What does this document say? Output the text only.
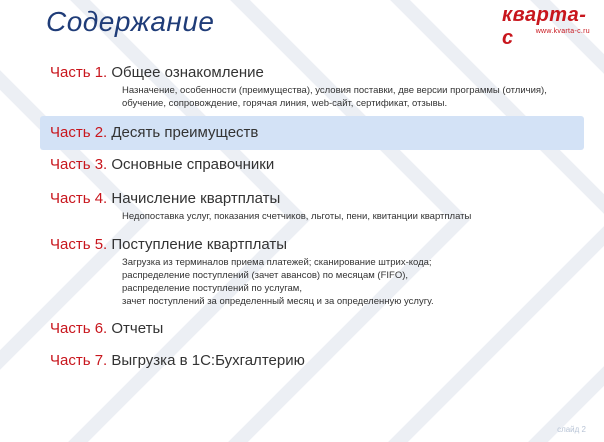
Содержание	кварта-с	www.kvarta-c.ru
Часть 1. Общее ознакомление
Назначение, особенности (преимущества), условия поставки, две версии программы (отличия),
обучение, сопровождение, горячая линия, web-сайт, сертификат, отзывы.
Часть 2. Десять преимуществ
Часть 3. Основные справочники
Часть 4. Начисление квартплаты
Недопоставка услуг, показания счетчиков, льготы, пени, квитанции квартплаты
Часть 5. Поступление квартплаты
Загрузка из терминалов приема платежей; сканирование штрих-кода;
распределение поступлений (зачет авансов) по месяцам (FIFO),
распределение поступлений по услугам,
зачет поступлений за определенный месяц и за определенную услугу.
Часть 6. Отчеты
Часть 7. Выгрузка в 1С:Бухгалтерию
слайд 2
